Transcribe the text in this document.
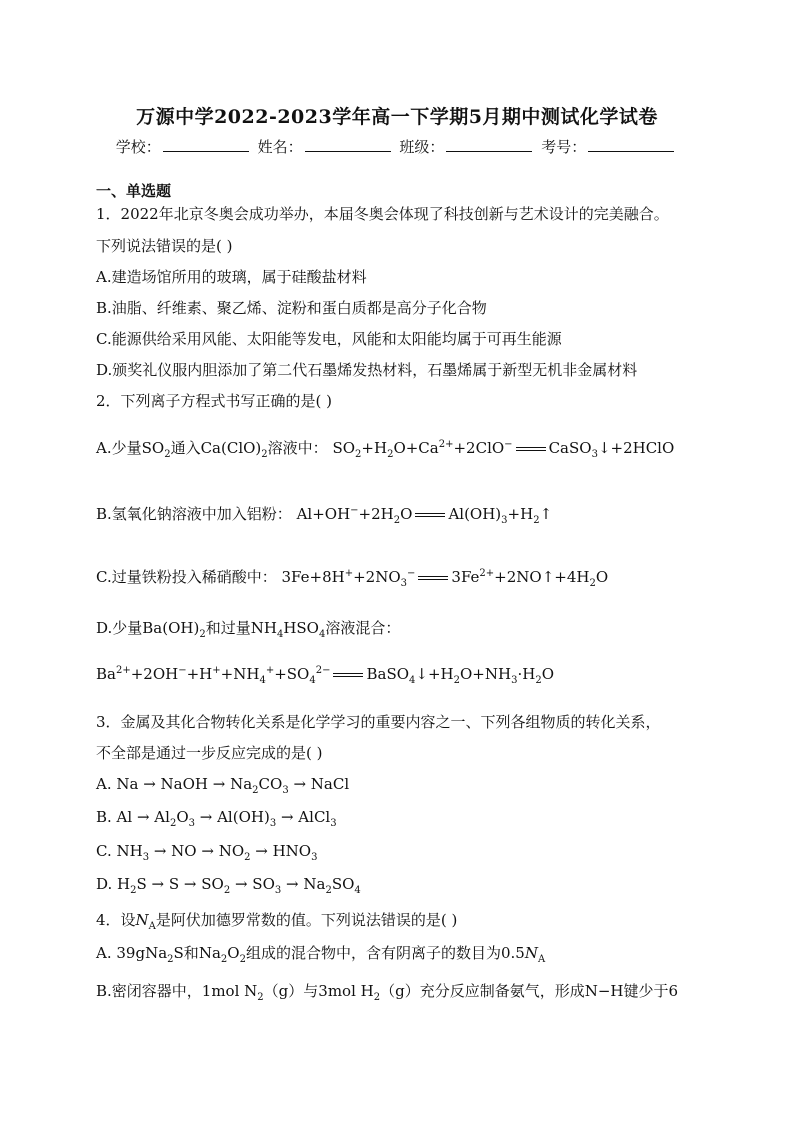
万源中学2022-2023学年高一下学期5月期中测试化学试卷
学校：	姓名：	班级：	考号：
一、单选题
1．2022年北京冬奥会成功举办，本届冬奥会体现了科技创新与艺术设计的完美融合。
下列说法错误的是( )
A.建造场馆所用的玻璃，属于硅酸盐材料
B.油脂、纤维素、聚乙烯、淀粉和蛋白质都是高分子化合物
C.能源供给采用风能、太阳能等发电，风能和太阳能均属于可再生能源
D.颁奖礼仪服内胆添加了第二代石墨烯发热材料，石墨烯属于新型无机非金属材料
2．下列离子方程式书写正确的是( )
A.少量$SO_2$通入$Ca(ClO)_2$溶液中： $SO_2+H_2O+Ca^{2+}+2ClO^-$ CaSO$_3$↓+2HClO
B.氢氧化钠溶液中加入铝粉： $Al+OH^-+2H_2O$ $Al(OH)_3+H_2↑$
C.过量铁粉投入稀硝酸中： $3Fe+8H^++2NO_3^-$ $3Fe^{2+}+2NO↑+4H_2O$
D.少量$Ba(OH)_2$和过量$NH_4HSO_4$溶液混合：
$Ba^{2+}+2OH^-+H^++NH_4^++SO_4^{2-}$ $BaSO_4↓+H_2O+NH_3\cdot H_2O$
3．金属及其化合物转化关系是化学学习的重要内容之一、下列各组物质的转化关系，
不全部是通过一步反应完成的是( )
A. Na → NaOH → $Na_2CO_3$ → NaCl
B. $Al \to Al_2O_3 \to Al(OH)_3$ → AlCl$_3$
C. $NH_3$ → NO → $NO_2 \to HNO_3$
D. $H_2S \to S \to SO_2 \to SO_3 \to Na_2SO_4$
4．设$N_A$是阿伏加德罗常数的值。下列说法错误的是( )
A. 39gNa$_2$S和$Na_2O_2$组成的混合物中，含有阴离子的数目为$0.5N_A$
B.密闭容器中，1mol $N_2(g)$与3mol $H_2(g)$充分反应制备氨气，形成N−H键少于6
